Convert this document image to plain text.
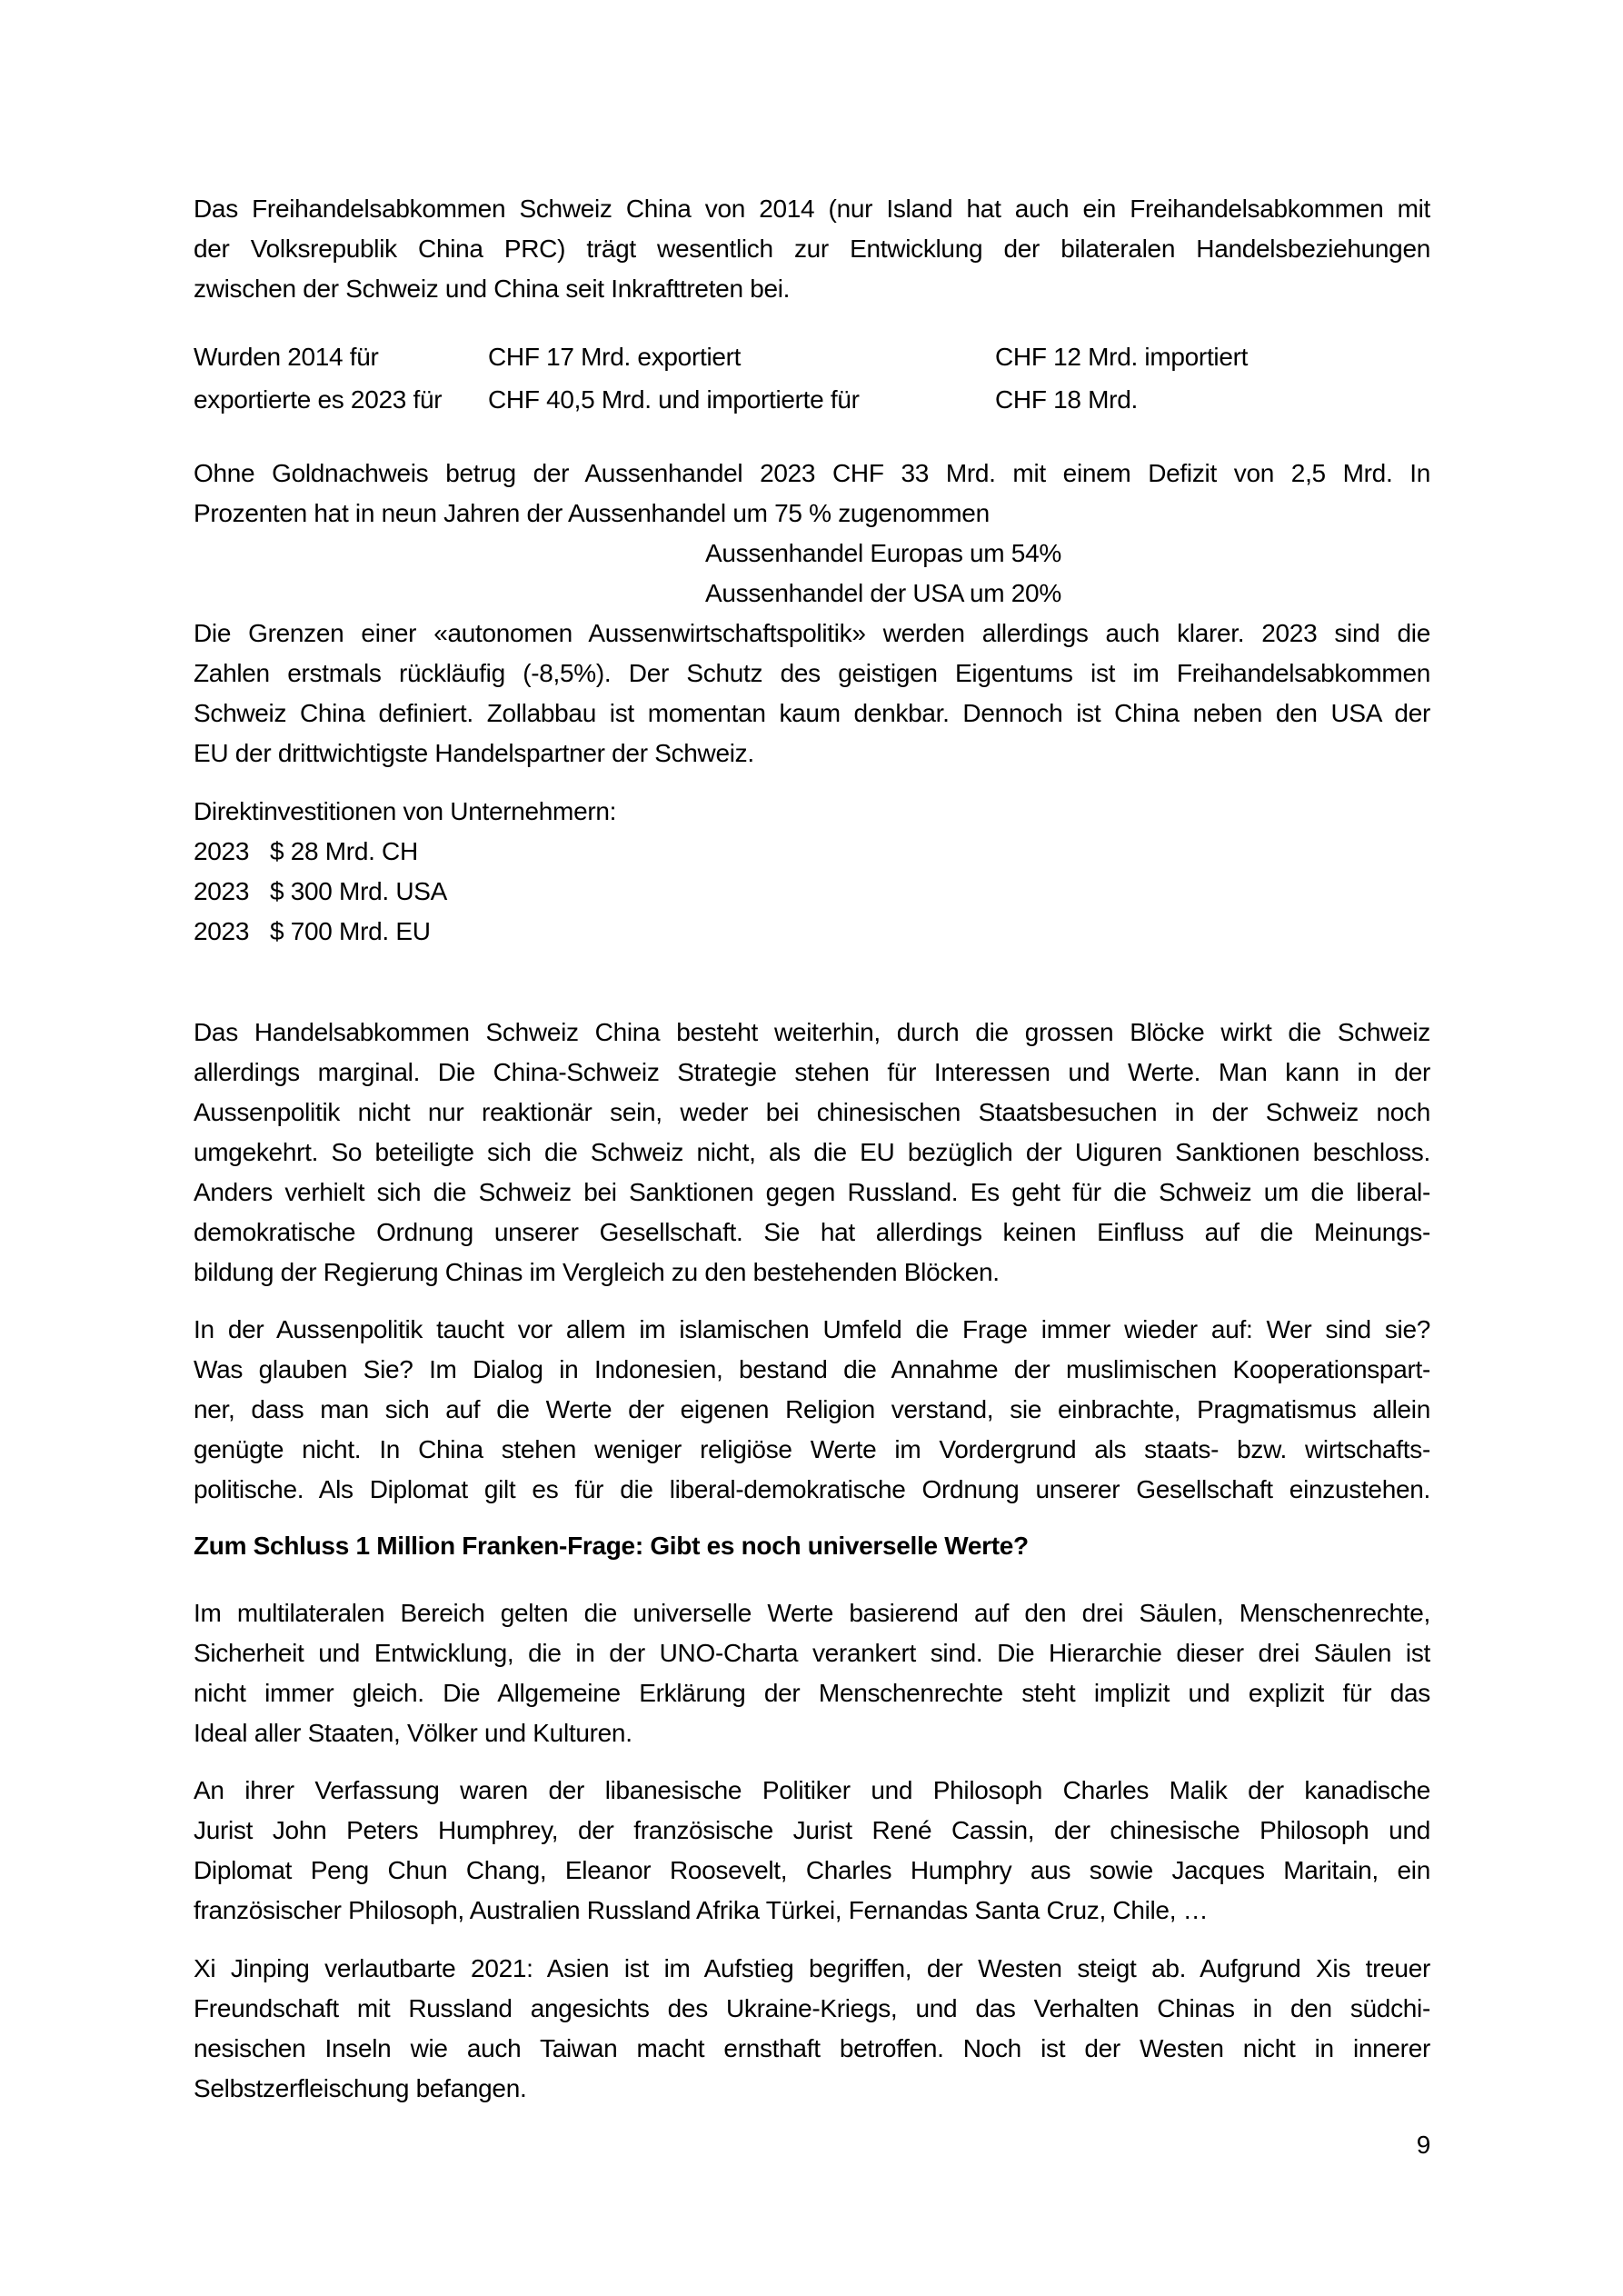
Das Freihandelsabkommen Schweiz China von 2014 (nur Island hat auch ein Freihandelsabkommen mit
der Volksrepublik China PRC) trägt wesentlich zur Entwicklung der bilateralen Handelsbeziehungen
zwischen der Schweiz und China seit Inkrafttreten bei.
Wurden 2014 für	CHF 17 Mrd. exportiert	CHF 12 Mrd. importiert
exportierte es 2023 für	CHF 40,5 Mrd. und importierte für	CHF 18 Mrd.
Ohne Goldnachweis betrug der Aussenhandel 2023 CHF 33 Mrd. mit einem Defizit von 2,5 Mrd. In
Prozenten hat in neun Jahren der Aussenhandel um 75 % zugenommen
Aussenhandel Europas um 54%
Aussenhandel der USA um 20%
Die Grenzen einer «autonomen Aussenwirtschaftspolitik» werden allerdings auch klarer. 2023 sind die
Zahlen erstmals rückläufig (-8,5%). Der Schutz des geistigen Eigentums ist im Freihandelsabkommen
Schweiz China definiert. Zollabbau ist momentan kaum denkbar. Dennoch ist China neben den USA der
EU der drittwichtigste Handelspartner der Schweiz.
Direktinvestitionen von Unternehmern:
2023 $ 28 Mrd. CH
2023 $ 300 Mrd. USA
2023 $ 700 Mrd. EU
Das Handelsabkommen Schweiz China besteht weiterhin, durch die grossen Blöcke wirkt die Schweiz
allerdings marginal. Die China-Schweiz Strategie stehen für Interessen und Werte. Man kann in der
Aussenpolitik nicht nur reaktionär sein, weder bei chinesischen Staatsbesuchen in der Schweiz noch
umgekehrt. So beteiligte sich die Schweiz nicht, als die EU bezüglich der Uiguren Sanktionen beschloss.
Anders verhielt sich die Schweiz bei Sanktionen gegen Russland. Es geht für die Schweiz um die liberal-
demokratische Ordnung unserer Gesellschaft. Sie hat allerdings keinen Einfluss auf die Meinungs-
bildung der Regierung Chinas im Vergleich zu den bestehenden Blöcken.
In der Aussenpolitik taucht vor allem im islamischen Umfeld die Frage immer wieder auf: Wer sind sie?
Was glauben Sie? Im Dialog in Indonesien, bestand die Annahme der muslimischen Kooperationspart-
ner, dass man sich auf die Werte der eigenen Religion verstand, sie einbrachte, Pragmatismus allein
genügte nicht. In China stehen weniger religiöse Werte im Vordergrund als staats- bzw. wirtschafts-
politische. Als Diplomat gilt es für die liberal-demokratische Ordnung unserer Gesellschaft einzustehen.
Zum Schluss 1 Million Franken-Frage: Gibt es noch universelle Werte?
Im multilateralen Bereich gelten die universelle Werte basierend auf den drei Säulen, Menschenrechte,
Sicherheit und Entwicklung, die in der UNO-Charta verankert sind. Die Hierarchie dieser drei Säulen ist
nicht immer gleich. Die Allgemeine Erklärung der Menschenrechte steht implizit und explizit für das
Ideal aller Staaten, Völker und Kulturen.
An ihrer Verfassung waren der libanesische Politiker und Philosoph Charles Malik der kanadische
Jurist John Peters Humphrey, der französische Jurist René Cassin, der chinesische Philosoph und
Diplomat Peng Chun Chang, Eleanor Roosevelt, Charles Humphry aus sowie Jacques Maritain, ein
französischer Philosoph, Australien Russland Afrika Türkei, Fernandas Santa Cruz, Chile, …
Xi Jinping verlautbarte 2021: Asien ist im Aufstieg begriffen, der Westen steigt ab. Aufgrund Xis treuer
Freundschaft mit Russland angesichts des Ukraine-Kriegs, und das Verhalten Chinas in den südchi-
nesischen Inseln wie auch Taiwan macht ernsthaft betroffen. Noch ist der Westen nicht in innerer
Selbstzerfleischung befangen.
9
